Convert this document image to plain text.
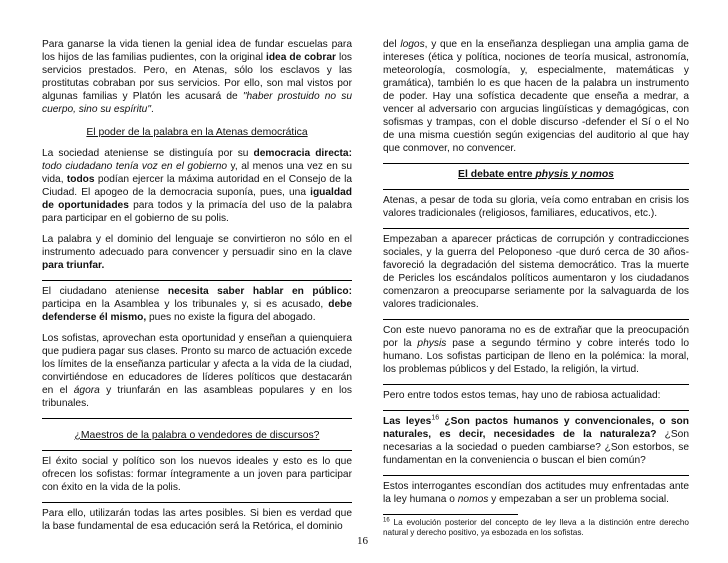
Para ganarse la vida tienen la genial idea de fundar escuelas para los hijos de las familias pudientes, con la original idea de cobrar los servicios prestados. Pero, en Atenas, sólo los esclavos y las prostitutas cobraban por sus servicios. Por ello, son mal vistos por algunas familias y Platón les acusará de "haber prostuido no su cuerpo, sino su espíritu".

El poder de la palabra en la Atenas democrática

La sociedad ateniense se distinguía por su democracia directa: todo ciudadano tenía voz en el gobierno y, al menos una vez en su vida, todos podían ejercer la máxima autoridad en el Consejo de la Ciudad. El apogeo de la democracia suponía, pues, una igualdad de oportunidades para todos y la primacía del uso de la palabra para participar en el gobierno de su polis.

La palabra y el dominio del lenguaje se convirtieron no sólo en el instrumento adecuado para convencer y persuadir sino en la clave para triunfar.

El ciudadano ateniense necesita saber hablar en público: participa en la Asamblea y los tribunales y, si es acusado, debe defenderse él mismo, pues no existe la figura del abogado.

Los sofistas, aprovechan esta oportunidad y enseñan a quienquiera que pudiera pagar sus clases. Pronto su marco de actuación excede los límites de la enseñanza particular y afecta a la vida de la ciudad, convirtiéndose en educadores de líderes políticos que destacarán en el ágora y triunfarán en las asambleas populares y en los tribunales.

¿Maestros de la palabra o vendedores de discursos?

El éxito social y político son los nuevos ideales y esto es lo que ofrecen los sofistas: formar íntegramente a un joven para participar con éxito en la vida de la polis.

Para ello, utilizarán todas las artes posibles. Si bien es verdad que la base fundamental de esa educación será la Retórica, el dominio

del logos, y que en la enseñanza despliegan una amplia gama de intereses (ética y política, nociones de teoría musical, astronomía, meteorología, cosmología, y, especialmente, matemáticas y gramática), también lo es que hacen de la palabra un instrumento de poder. Hay una sofística decadente que enseña a medrar, a vencer al adversario con argucias lingüísticas y demagógicas, con sofismas y trampas, con el doble discurso -defender el Sí o el No de una misma cuestión según exigencias del auditorio al que hay que conmover, no convencer.

El debate entre physis y nomos

Atenas, a pesar de toda su gloria, veía como entraban en crisis los valores tradicionales (religiosos, familiares, educativos, etc.).

Empezaban a aparecer prácticas de corrupción y contradicciones sociales, y la guerra del Peloponeso -que duró cerca de 30 años- favoreció la degradación del sistema democrático. Tras la muerte de Pericles los escándalos políticos aumentaron y los ciudadanos comenzaron a preocuparse seriamente por la salvaguarda de los valores tradicionales.

Con este nuevo panorama no es de extrañar que la preocupación por la physis pase a segundo término y cobre interés todo lo humano. Los sofistas participan de lleno en la polémica: la moral, los problemas públicos y del Estado, la religión, la virtud.

Pero entre todos estos temas, hay uno de rabiosa actualidad:

Las leyes$^{16}$ ¿Son pactos humanos y convencionales, o son naturales, es decir, necesidades de la naturaleza? ¿Son necesarias a la sociedad o pueden cambiarse? ¿Son estorbos, se fundamentan en la conveniencia o buscan el bien común?

Estos interrogantes escondían dos actitudes muy enfrentadas ante la ley humana o nomos y empezaban a ser un problema social.

$^{16}$ La evolución posterior del concepto de ley lleva a la distinción entre derecho natural y derecho positivo, ya esbozada en los sofistas.
16
